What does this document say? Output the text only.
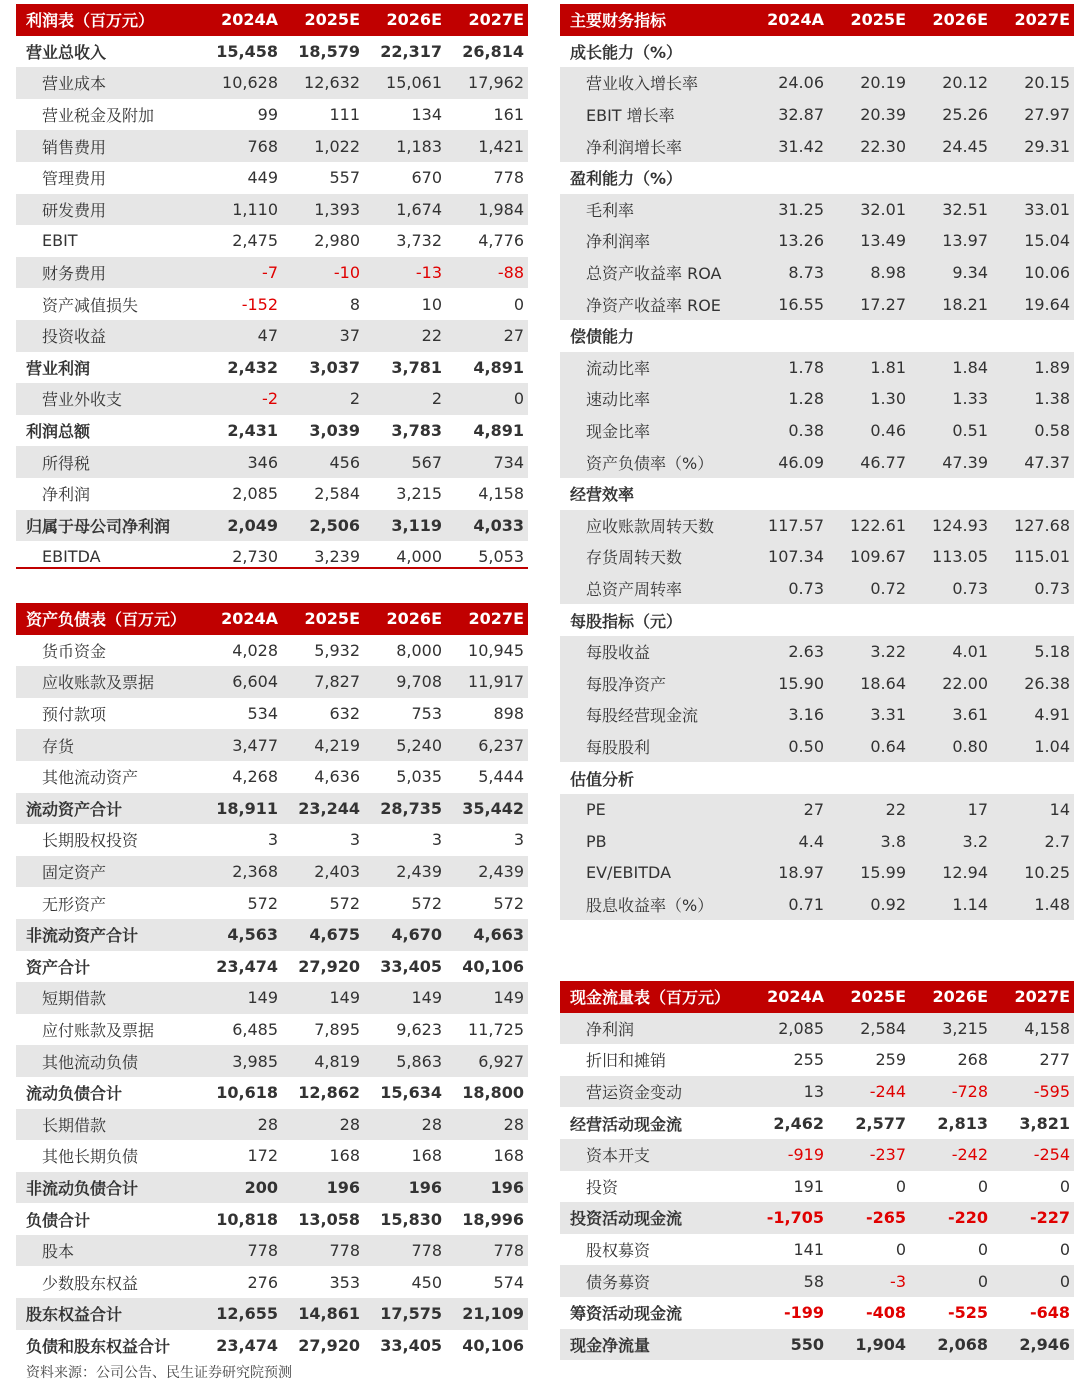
利润表（百万元）	2024A	2025E	2026E	2027E
营业总收入	15,458	18,579	22,317	26,814
营业成本	10,628	12,632	15,061	17,962
营业税金及附加	99	111	134	161
销售费用	768	1,022	1,183	1,421
管理费用	449	557	670	778
研发费用	1,110	1,393	1,674	1,984
EBIT	2,475	2,980	3,732	4,776
财务费用	-7	-10	-13	-88
资产减值损失	-152	8	10	0
投资收益	47	37	22	27
营业利润	2,432	3,037	3,781	4,891
营业外收支	-2	2	2	0
利润总额	2,431	3,039	3,783	4,891
所得税	346	456	567	734
净利润	2,085	2,584	3,215	4,158
归属于母公司净利润	2,049	2,506	3,119	4,033
EBITDA	2,730	3,239	4,000	5,053
资产负债表（百万元）	2024A	2025E	2026E	2027E
货币资金	4,028	5,932	8,000	10,945
应收账款及票据	6,604	7,827	9,708	11,917
预付款项	534	632	753	898
存货	3,477	4,219	5,240	6,237
其他流动资产	4,268	4,636	5,035	5,444
流动资产合计	18,911	23,244	28,735	35,442
长期股权投资	3	3	3	3
固定资产	2,368	2,403	2,439	2,439
无形资产	572	572	572	572
非流动资产合计	4,563	4,675	4,670	4,663
资产合计	23,474	27,920	33,405	40,106
短期借款	149	149	149	149
应付账款及票据	6,485	7,895	9,623	11,725
其他流动负债	3,985	4,819	5,863	6,927
流动负债合计	10,618	12,862	15,634	18,800
长期借款	28	28	28	28
其他长期负债	172	168	168	168
非流动负债合计	200	196	196	196
负债合计	10,818	13,058	15,830	18,996
股本	778	778	778	778
少数股东权益	276	353	450	574
股东权益合计	12,655	14,861	17,575	21,109
负债和股东权益合计	23,474	27,920	33,405	40,106
主要财务指标	2024A	2025E	2026E	2027E
成长能力（%）
营业收入增长率	24.06	20.19	20.12	20.15
EBIT 增长率	32.87	20.39	25.26	27.97
净利润增长率	31.42	22.30	24.45	29.31
盈利能力（%）
毛利率	31.25	32.01	32.51	33.01
净利润率	13.26	13.49	13.97	15.04
总资产收益率 ROA	8.73	8.98	9.34	10.06
净资产收益率 ROE	16.55	17.27	18.21	19.64
偿债能力
流动比率	1.78	1.81	1.84	1.89
速动比率	1.28	1.30	1.33	1.38
现金比率	0.38	0.46	0.51	0.58
资产负债率（%）	46.09	46.77	47.39	47.37
经营效率
应收账款周转天数	117.57	122.61	124.93	127.68
存货周转天数	107.34	109.67	113.05	115.01
总资产周转率	0.73	0.72	0.73	0.73
每股指标（元）
每股收益	2.63	3.22	4.01	5.18
每股净资产	15.90	18.64	22.00	26.38
每股经营现金流	3.16	3.31	3.61	4.91
每股股利	0.50	0.64	0.80	1.04
估值分析
PE	27	22	17	14
PB	4.4	3.8	3.2	2.7
EV/EBITDA	18.97	15.99	12.94	10.25
股息收益率（%）	0.71	0.92	1.14	1.48
现金流量表（百万元）	2024A	2025E	2026E	2027E
净利润	2,085	2,584	3,215	4,158
折旧和摊销	255	259	268	277
营运资金变动	13	-244	-728	-595
经营活动现金流	2,462	2,577	2,813	3,821
资本开支	-919	-237	-242	-254
投资	191	0	0	0
投资活动现金流	-1,705	-265	-220	-227
股权募资	141	0	0	0
债务募资	58	-3	0	0
筹资活动现金流	-199	-408	-525	-648
现金净流量	550	1,904	2,068	2,946
资料来源：公司公告、民生证券研究院预测
